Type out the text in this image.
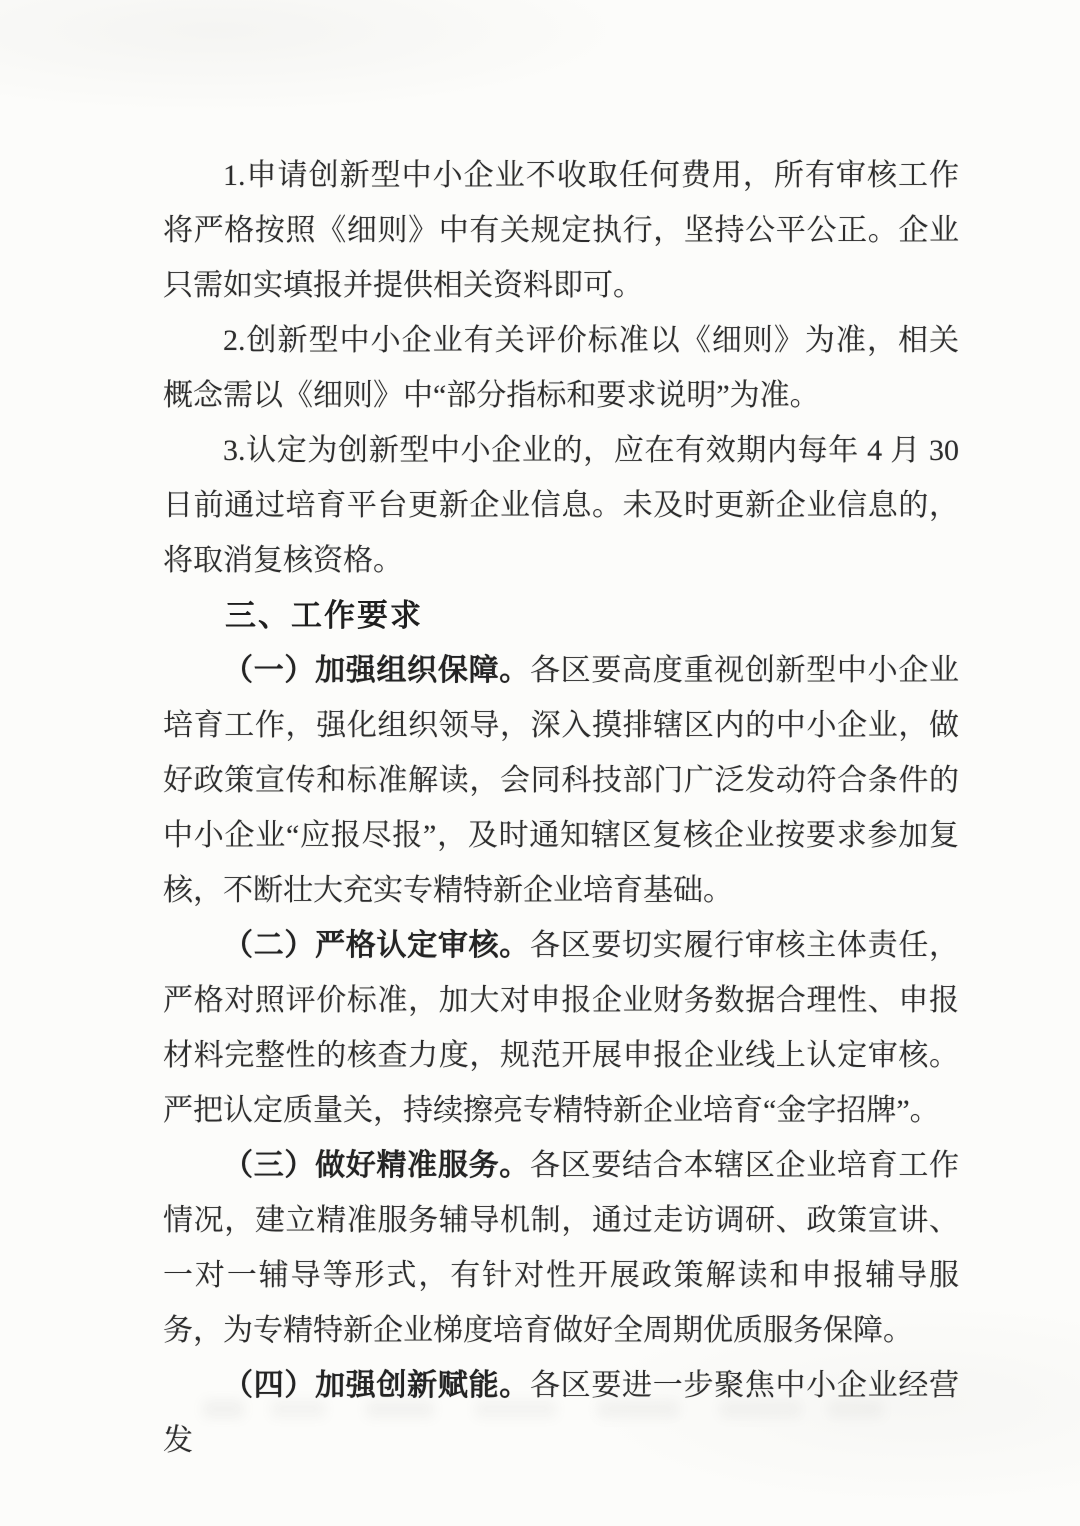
1.申请创新型中小企业不收取任何费用，所有审核工作将严格按照《细则》中有关规定执行，坚持公平公正。企业只需如实填报并提供相关资料即可。

2.创新型中小企业有关评价标准以《细则》为准，相关概念需以《细则》中“部分指标和要求说明”为准。

3.认定为创新型中小企业的，应在有效期内每年 4 月 30 日前通过培育平台更新企业信息。未及时更新企业信息的，将取消复核资格。

三、工作要求

（一）加强组织保障。各区要高度重视创新型中小企业培育工作，强化组织领导，深入摸排辖区内的中小企业，做好政策宣传和标准解读，会同科技部门广泛发动符合条件的中小企业“应报尽报”，及时通知辖区复核企业按要求参加复核，不断壮大充实专精特新企业培育基础。

（二）严格认定审核。各区要切实履行审核主体责任，严格对照评价标准，加大对申报企业财务数据合理性、申报材料完整性的核查力度，规范开展申报企业线上认定审核。严把认定质量关，持续擦亮专精特新企业培育“金字招牌”。

（三）做好精准服务。各区要结合本辖区企业培育工作情况，建立精准服务辅导机制，通过走访调研、政策宣讲、一对一辅导等形式，有针对性开展政策解读和申报辅导服务，为专精特新企业梯度培育做好全周期优质服务保障。

（四）加强创新赋能。各区要进一步聚焦中小企业经营发
